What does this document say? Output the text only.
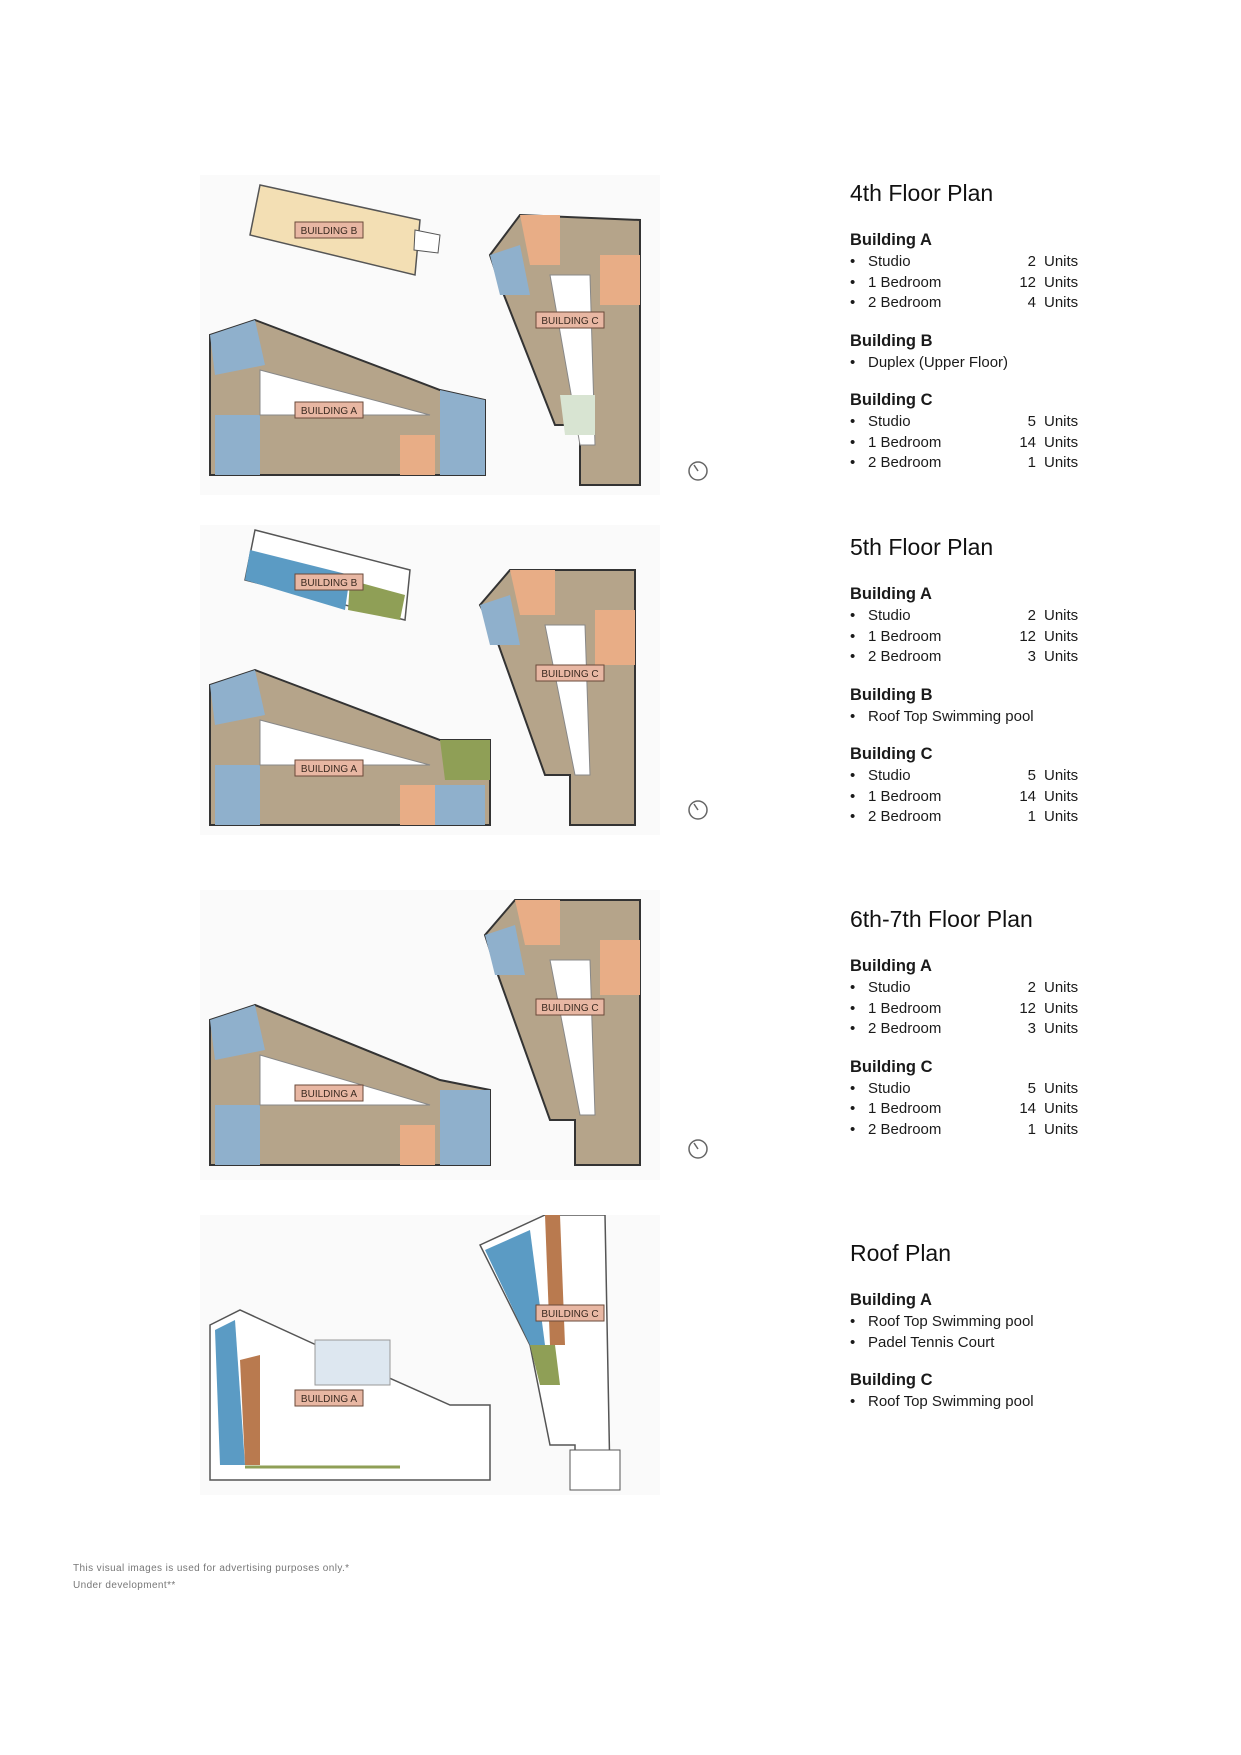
BUILDING B
BUILDING C
BUILDING A
4th Floor Plan
Building A
• Studio	2 Units
• 1 Bedroom	12 Units
• 2 Bedroom	4 Units
Building B
• Duplex (Upper Floor)
Building C
• Studio	5 Units
• 1 Bedroom	14 Units
• 2 Bedroom	1 Units
BUILDING B
BUILDING C
BUILDING A
5th Floor Plan
Building A
• Studio	2 Units
• 1 Bedroom	12 Units
• 2 Bedroom	3 Units
Building B
• Roof Top Swimming pool
Building C
• Studio	5 Units
• 1 Bedroom	14 Units
• 2 Bedroom	1 Units
BUILDING C
BUILDING A
6th-7th Floor Plan
Building A
• Studio	2 Units
• 1 Bedroom	12 Units
• 2 Bedroom	3 Units
Building C
• Studio	5 Units
• 1 Bedroom	14 Units
• 2 Bedroom	1 Units
BUILDING C
BUILDING A
Roof Plan
Building A
• Roof Top Swimming pool
• Padel Tennis Court
Building C
• Roof Top Swimming pool
This visual images is used for advertising purposes only.*
Under development**
